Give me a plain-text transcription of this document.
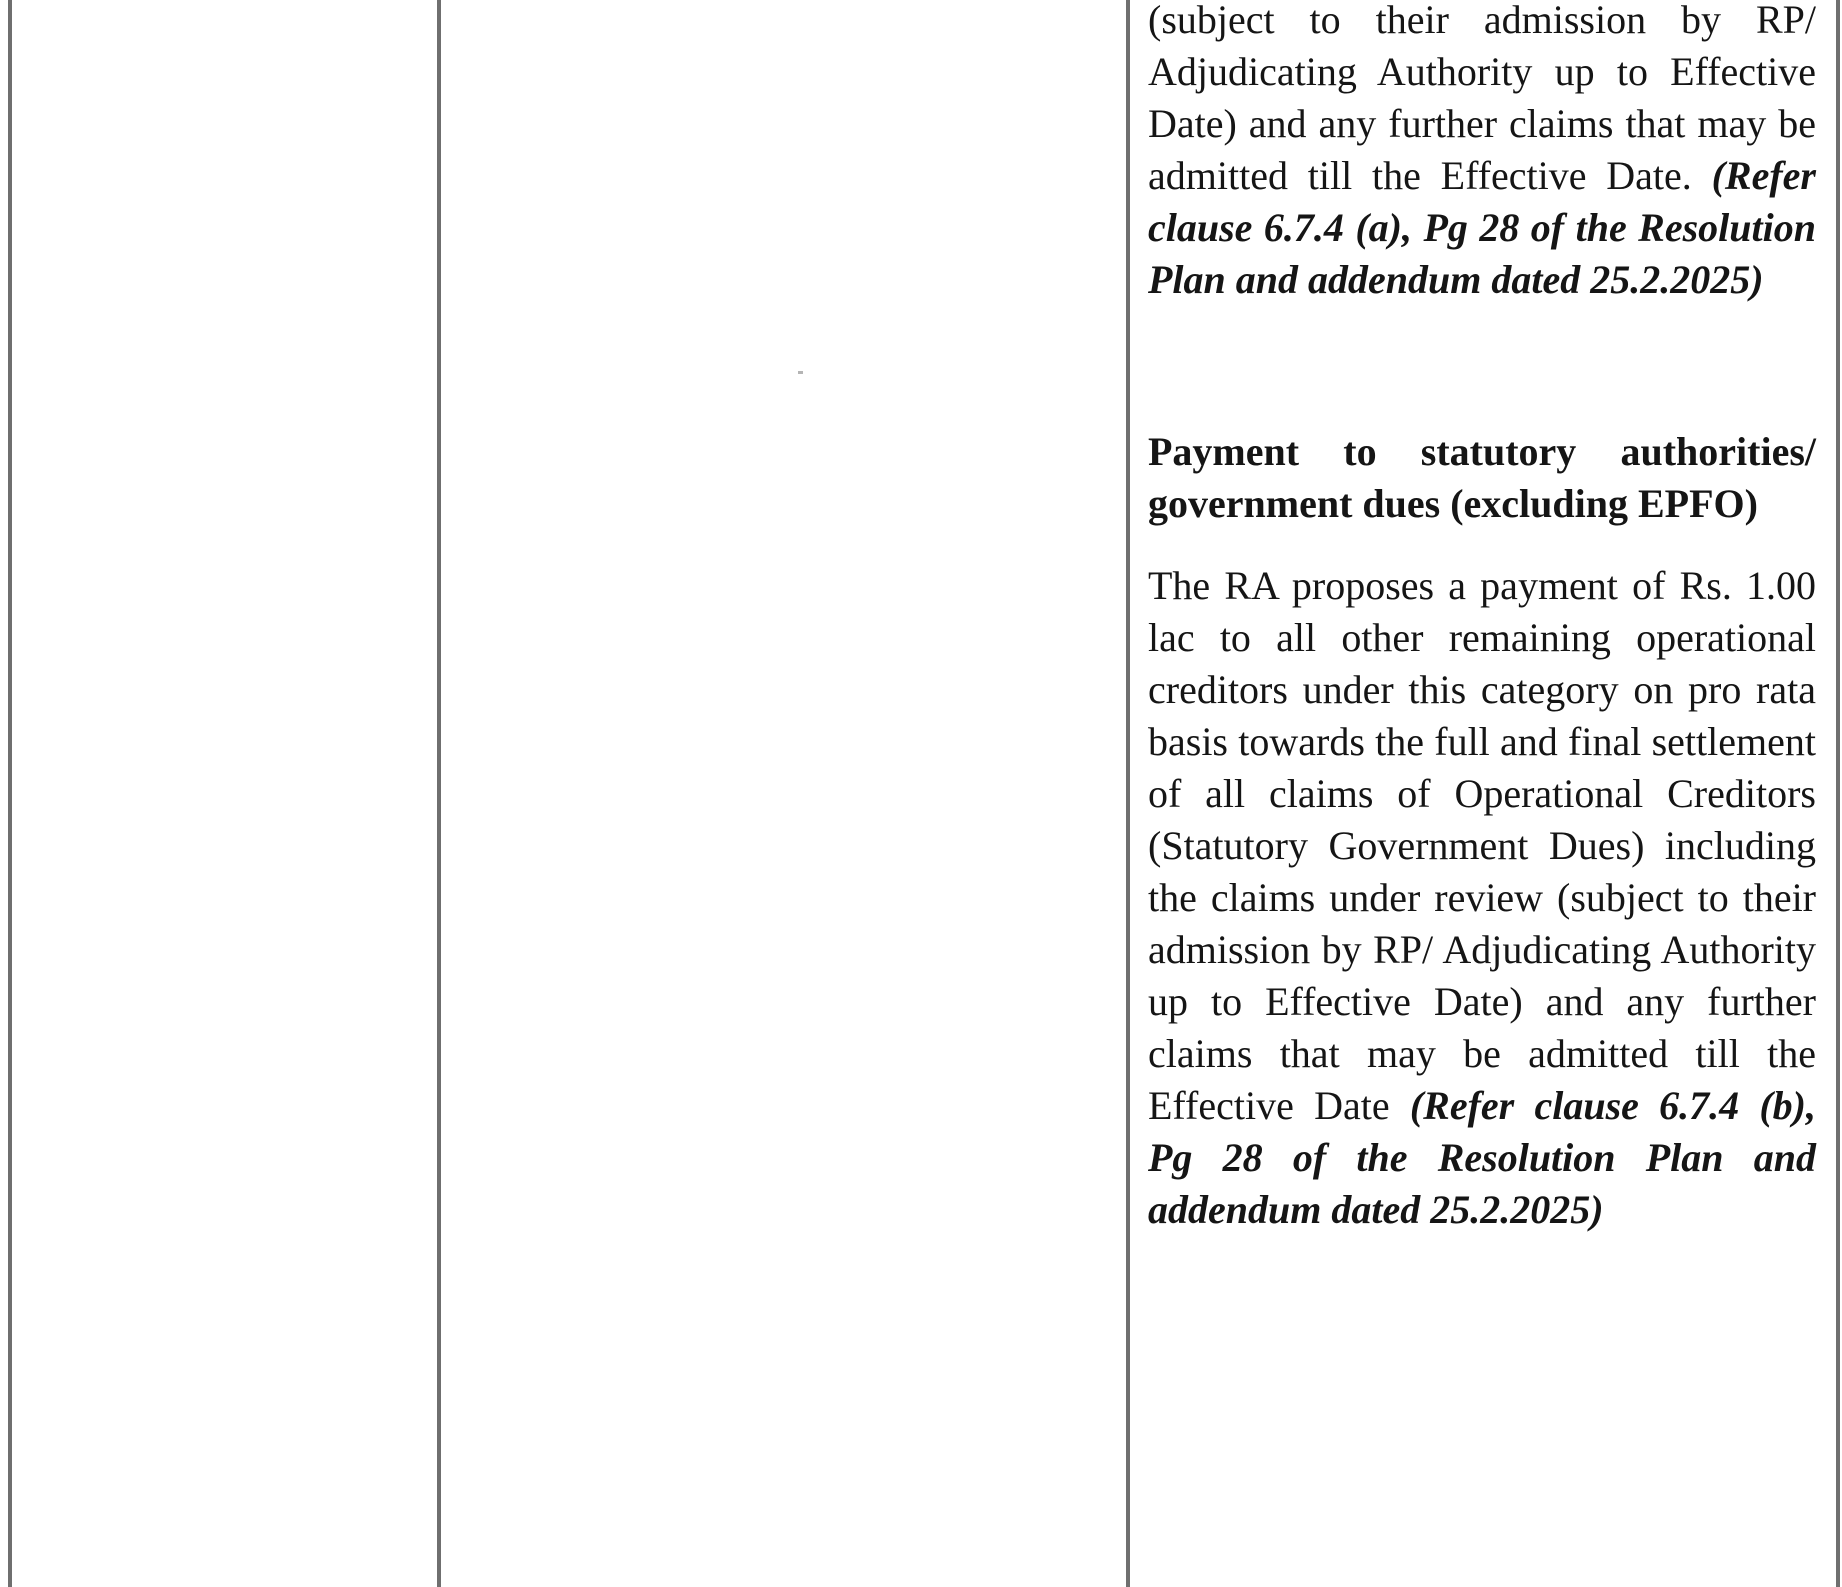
(subject to their admission by RP/ Adjudicating Authority up to Effective Date) and any further claims that may be admitted till the Effective Date. (Refer clause 6.7.4 (a), Pg 28 of the Resolution Plan and addendum dated 25.2.2025)

Payment to statutory authorities/ government dues (excluding EPFO)

The RA proposes a payment of Rs. 1.00 lac to all other remaining operational creditors under this category on pro rata basis towards the full and final settlement of all claims of Operational Creditors (Statutory Government Dues) including the claims under review (subject to their admission by RP/ Adjudicating Authority up to Effective Date) and any further claims that may be admitted till the Effective Date (Refer clause 6.7.4 (b), Pg 28 of the Resolution Plan and addendum dated 25.2.2025)
